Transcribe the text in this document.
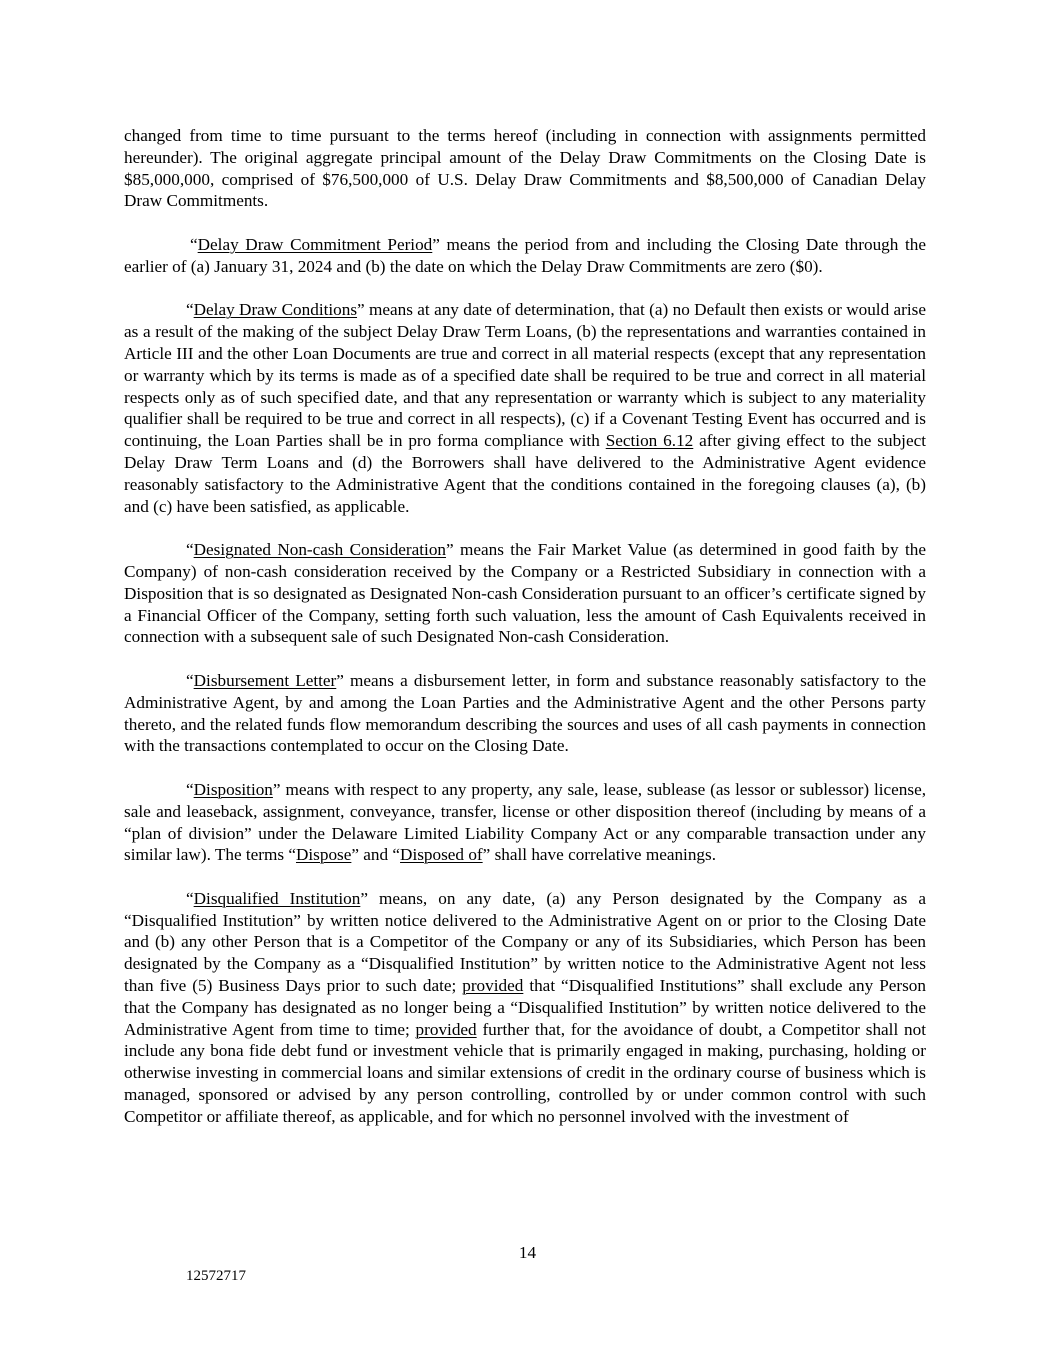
changed from time to time pursuant to the terms hereof (including in connection with assignments permitted hereunder). The original aggregate principal amount of the Delay Draw Commitments on the Closing Date is $85,000,000, comprised of $76,500,000 of U.S. Delay Draw Commitments and $8,500,000 of Canadian Delay Draw Commitments.

“Delay Draw Commitment Period” means the period from and including the Closing Date through the earlier of (a) January 31, 2024 and (b) the date on which the Delay Draw Commitments are zero ($0).

“Delay Draw Conditions” means at any date of determination, that (a) no Default then exists or would arise as a result of the making of the subject Delay Draw Term Loans, (b) the representations and warranties contained in Article III and the other Loan Documents are true and correct in all material respects (except that any representation or warranty which by its terms is made as of a specified date shall be required to be true and correct in all material respects only as of such specified date, and that any representation or warranty which is subject to any materiality qualifier shall be required to be true and correct in all respects), (c) if a Covenant Testing Event has occurred and is continuing, the Loan Parties shall be in pro forma compliance with Section 6.12 after giving effect to the subject Delay Draw Term Loans and (d) the Borrowers shall have delivered to the Administrative Agent evidence reasonably satisfactory to the Administrative Agent that the conditions contained in the foregoing clauses (a), (b) and (c) have been satisfied, as applicable.

“Designated Non-cash Consideration” means the Fair Market Value (as determined in good faith by the Company) of non-cash consideration received by the Company or a Restricted Subsidiary in connection with a Disposition that is so designated as Designated Non-cash Consideration pursuant to an officer’s certificate signed by a Financial Officer of the Company, setting forth such valuation, less the amount of Cash Equivalents received in connection with a subsequent sale of such Designated Non-cash Consideration.

“Disbursement Letter” means a disbursement letter, in form and substance reasonably satisfactory to the Administrative Agent, by and among the Loan Parties and the Administrative Agent and the other Persons party thereto, and the related funds flow memorandum describing the sources and uses of all cash payments in connection with the transactions contemplated to occur on the Closing Date.

“Disposition” means with respect to any property, any sale, lease, sublease (as lessor or sublessor) license, sale and leaseback, assignment, conveyance, transfer, license or other disposition thereof (including by means of a “plan of division” under the Delaware Limited Liability Company Act or any comparable transaction under any similar law). The terms “Dispose” and “Disposed of” shall have correlative meanings.

“Disqualified Institution” means, on any date, (a) any Person designated by the Company as a “Disqualified Institution” by written notice delivered to the Administrative Agent on or prior to the Closing Date and (b) any other Person that is a Competitor of the Company or any of its Subsidiaries, which Person has been designated by the Company as a “Disqualified Institution” by written notice to the Administrative Agent not less than five (5) Business Days prior to such date; provided that “Disqualified Institutions” shall exclude any Person that the Company has designated as no longer being a “Disqualified Institution” by written notice delivered to the Administrative Agent from time to time; provided further that, for the avoidance of doubt, a Competitor shall not include any bona fide debt fund or investment vehicle that is primarily engaged in making, purchasing, holding or otherwise investing in commercial loans and similar extensions of credit in the ordinary course of business which is managed, sponsored or advised by any person controlling, controlled by or under common control with such Competitor or affiliate thereof, as applicable, and for which no personnel involved with the investment of

14
12572717
